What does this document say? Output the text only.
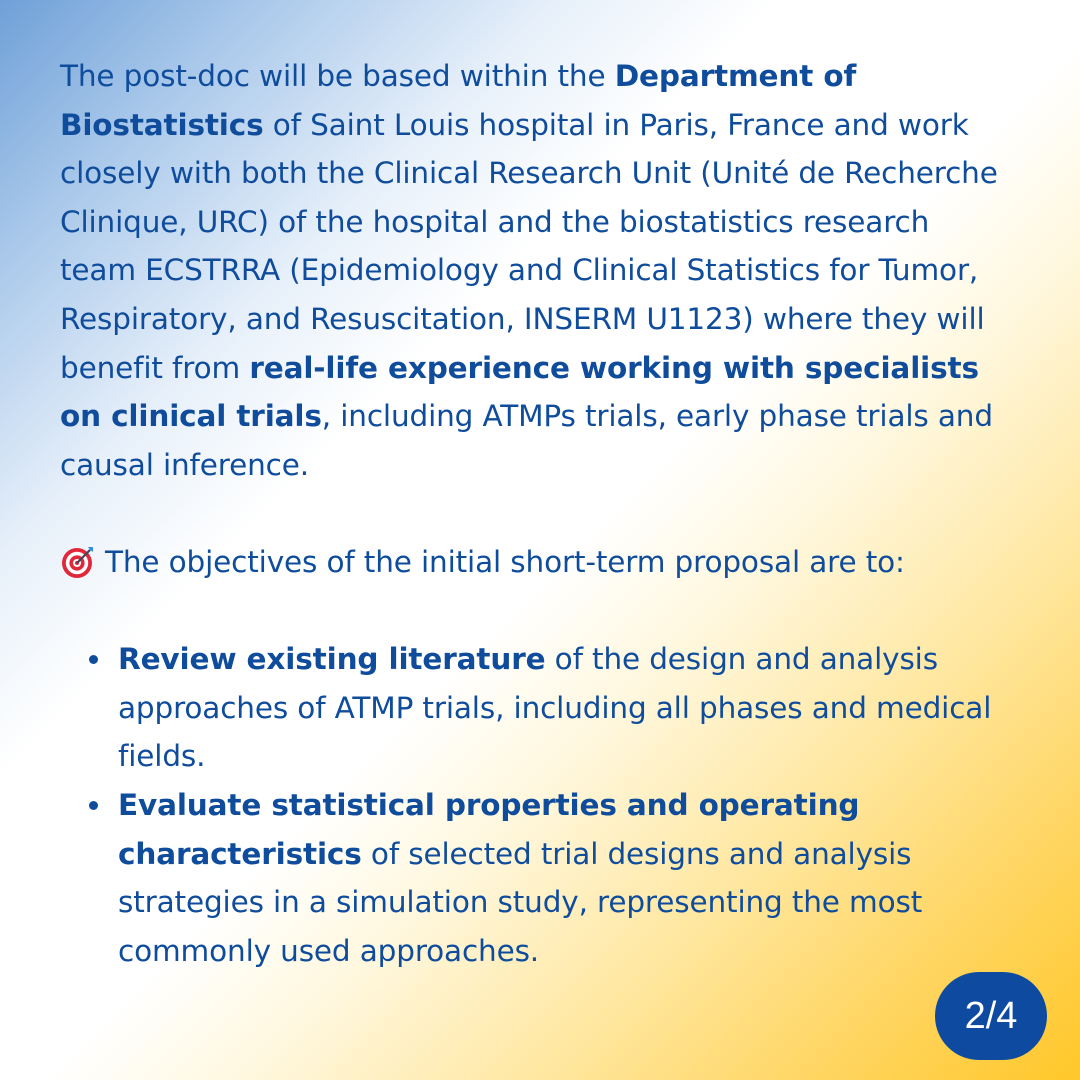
The post-doc will be based within the Department of Biostatistics of Saint Louis hospital in Paris, France and work closely with both the Clinical Research Unit (Unité de Recherche Clinique, URC) of the hospital and the biostatistics research team ECSTRRA (Epidemiology and Clinical Statistics for Tumor, Respiratory, and Resuscitation, INSERM U1123) where they will benefit from real-life experience working with specialists on clinical trials, including ATMPs trials, early phase trials and causal inference.

The objectives of the initial short-term proposal are to:

Review existing literature of the design and analysis approaches of ATMP trials, including all phases and medical fields.
Evaluate statistical properties and operating characteristics of selected trial designs and analysis strategies in a simulation study, representing the most commonly used approaches.
2/4
